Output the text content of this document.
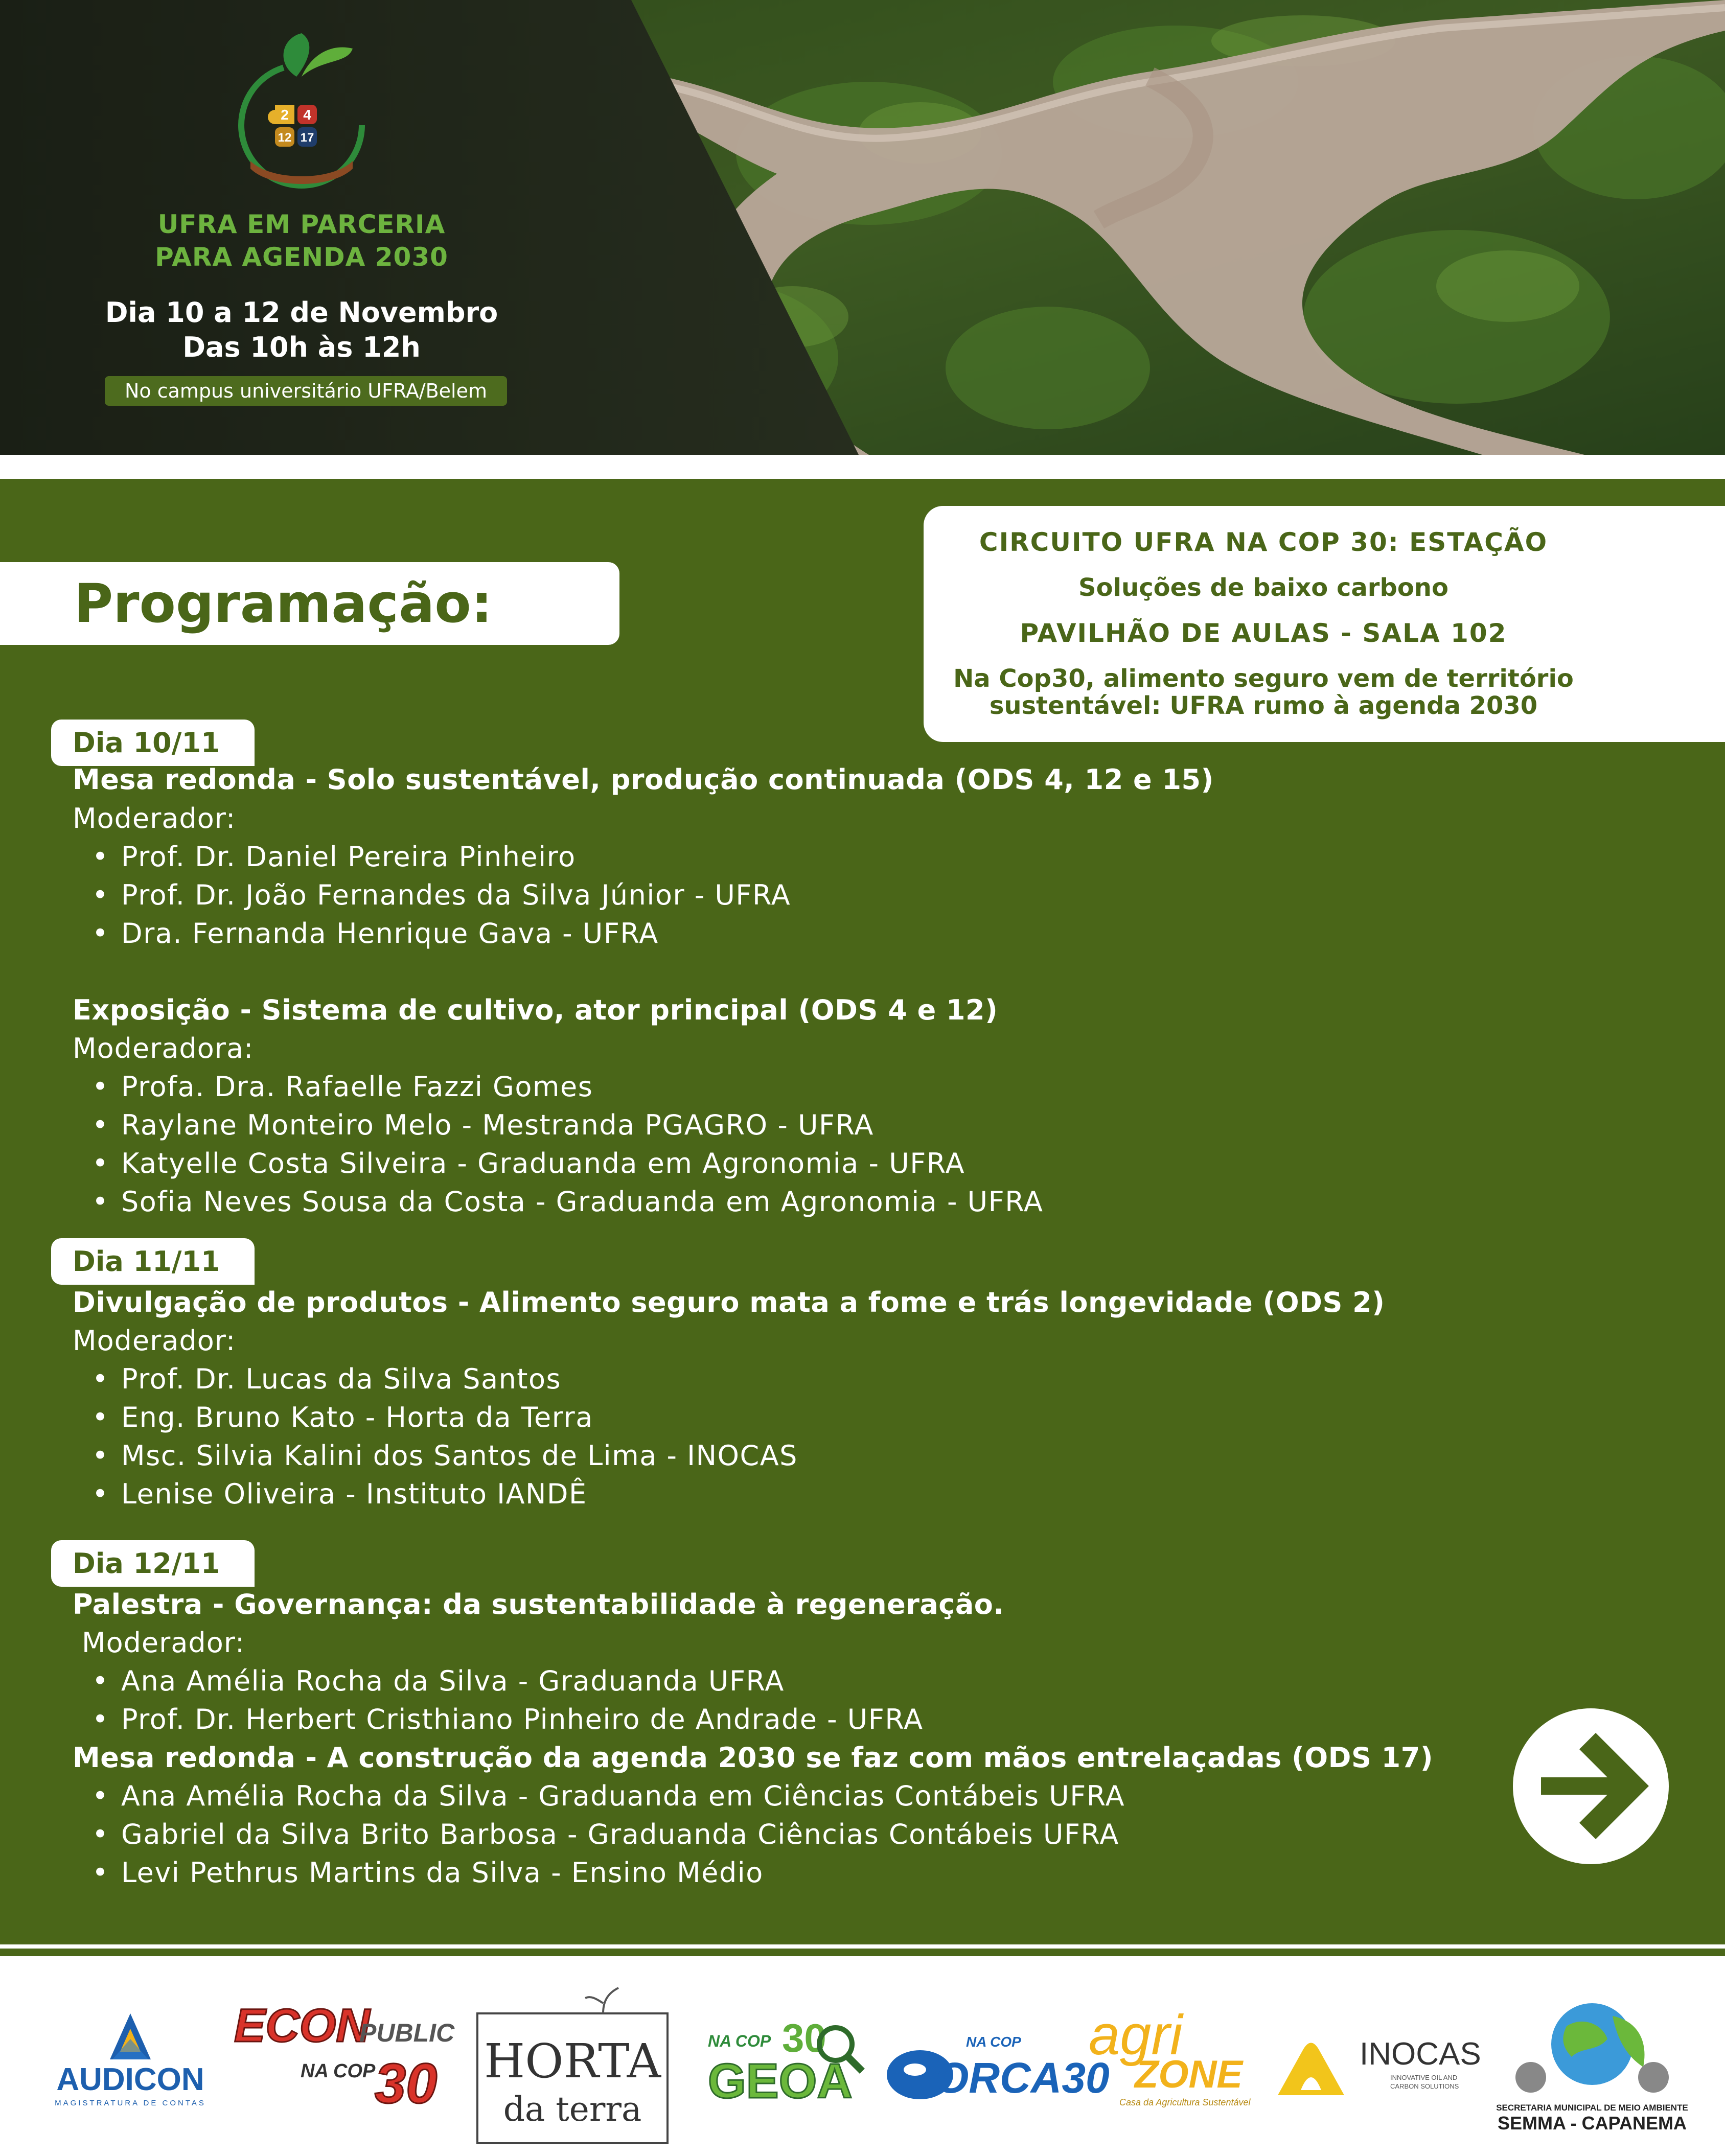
2 4
12 17
UFRA EM PARCERIA
PARA AGENDA 2030
Dia 10 a 12 de Novembro
Das 10h às 12h
No campus universitário UFRA/Belem
Programação:
CIRCUITO UFRA NA COP 30: ESTAÇÃO
Soluções de baixo carbono
PAVILHÃO DE AULAS - SALA 102
Na Cop30, alimento seguro vem de território
sustentável: UFRA rumo à agenda 2030
Dia 10/11
Mesa redonda - Solo sustentável, produção continuada (ODS 4, 12 e 15)
Moderador:
• Prof. Dr. Daniel Pereira Pinheiro
• Prof. Dr. João Fernandes da Silva Júnior - UFRA
• Dra. Fernanda Henrique Gava - UFRA
Exposição - Sistema de cultivo, ator principal (ODS 4 e 12)
Moderadora:
• Profa. Dra. Rafaelle Fazzi Gomes
• Raylane Monteiro Melo - Mestranda PGAGRO - UFRA
• Katyelle Costa Silveira - Graduanda em Agronomia - UFRA
• Sofia Neves Sousa da Costa - Graduanda em Agronomia - UFRA
Dia 11/11
Divulgação de produtos - Alimento seguro mata a fome e trás longevidade (ODS 2)
Moderador:
• Prof. Dr. Lucas da Silva Santos
• Eng. Bruno Kato - Horta da Terra
• Msc. Silvia Kalini dos Santos de Lima - INOCAS
• Lenise Oliveira - Instituto IANDÊ
Dia 12/11
Palestra - Governança: da sustentabilidade à regeneração.
Moderador:
• Ana Amélia Rocha da Silva - Graduanda UFRA
• Prof. Dr. Herbert Cristhiano Pinheiro de Andrade - UFRA
Mesa redonda - A construção da agenda 2030 se faz com mãos entrelaçadas (ODS 17)
• Ana Amélia Rocha da Silva - Graduanda em Ciências Contábeis UFRA
• Gabriel da Silva Brito Barbosa - Graduanda Ciências Contábeis UFRA
• Levi Pethrus Martins da Silva - Ensino Médio
AUDICON
MAGISTRATURA DE CONTAS
ECON
PUBLIC
NA COP
30 HORTA
da terra
NA COP 30
GEOA
NA COP
ORCA30
agri
ZONE
Casa da Agricultura Sustentável
INOCAS
INNOVATIVE OIL AND
CARBON SOLUTIONS
SECRETARIA MUNICIPAL DE MEIO AMBIENTE
SEMMA - CAPANEMA
